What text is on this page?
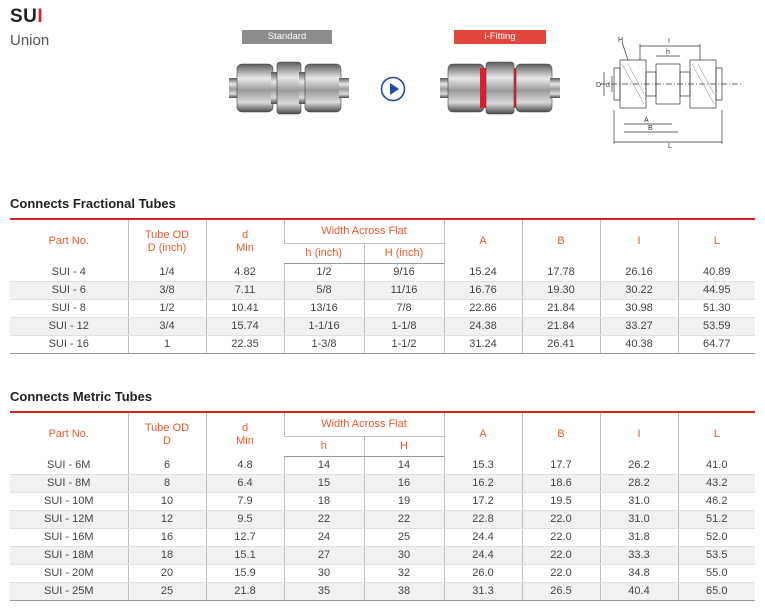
SUI
Union	Standard	i-Fitting	H	I
h
D d
A
B
L
Connects Fractional Tubes
Part No.	Tube OD
D (inch)	d
Min	Width Across Flat		A	B	I	L
			h (inch)	H (inch)				
SUI - 4	1/4	4.82	1/2	9/16	15.24	17.78	26.16	40.89
SUI - 6	3/8	7.11	5/8	11/16	16.76	19.30	30.22	44.95
SUI - 8	1/2	10.41	13/16	7/8	22.86	21.84	30.98	51.30
SUI - 12	3/4	15.74	1-1/16	1-1/8	24.38	21.84	33.27	53.59
SUI - 16	1	22.35	1-3/8	1-1/2	31.24	26.41	40.38	64.77
Connects Metric Tubes
Part No.	Tube OD
D	d
Min	Width Across Flat		A	B	I	L
			h	H				
SUI - 6M	6	4.8	14	14	15.3	17.7	26.2	41.0
SUI - 8M	8	6.4	15	16	16.2	18.6	28.2	43.2
SUI - 10M	10	7.9	18	19	17.2	19.5	31.0	46.2
SUI - 12M	12	9.5	22	22	22.8	22.0	31.0	51.2
SUI - 16M	16	12.7	24	25	24.4	22.0	31.8	52.0
SUI - 18M	18	15.1	27	30	24.4	22.0	33.3	53.5
SUI - 20M	20	15.9	30	32	26.0	22.0	34.8	55.0
SUI - 25M	25	21.8	35	38	31.3	26.5	40.4	65.0
